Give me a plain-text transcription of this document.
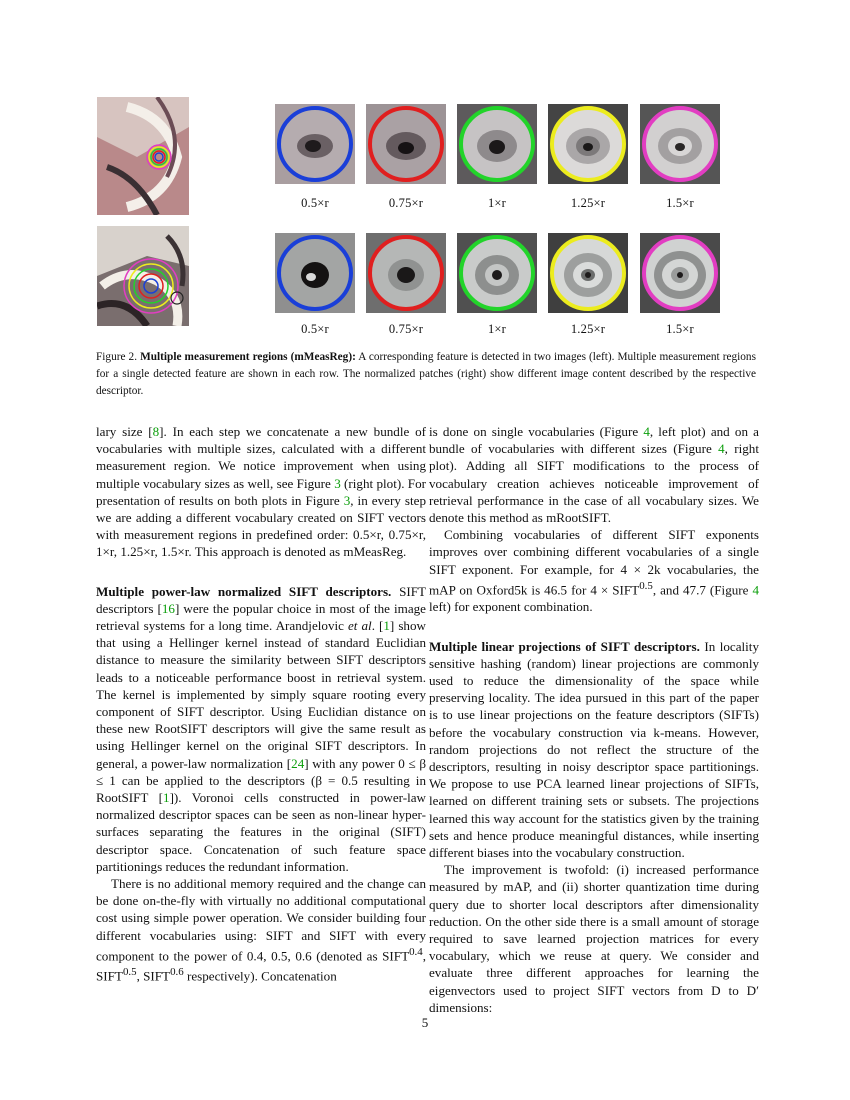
0.5×r	0.75×r	1×r	1.25×r	1.5×r
0.5×r	0.75×r	1×r	1.25×r	1.5×r
Figure 2. Multiple measurement regions (mMeasReg): A corresponding feature is detected in two images (left). Multiple measurement regions for a single detected feature are shown in each row. The normalized patches (right) show different image content described by the respective descriptor.

lary size [8]. In each step we concatenate a new bundle of vocabularies with multiple sizes, calculated with a different measurement region. We notice improvement when using multiple vocabulary sizes as well, see Figure 3 (right plot). For presentation of results on both plots in Figure 3, in every step we are adding a different vocabulary created on SIFT vectors with measurement regions in predefined order: 0.5×r, 0.75×r, 1×r, 1.25×r, 1.5×r. This approach is denoted as mMeasReg.

Multiple power-law normalized SIFT descriptors. SIFT descriptors [16] were the popular choice in most of the image retrieval systems for a long time. Arandjelovic et al. [1] show that using a Hellinger kernel instead of standard Euclidian distance to measure the similarity between SIFT descriptors leads to a noticeable performance boost in retrieval system. The kernel is implemented by simply square rooting every component of SIFT descriptor. Using Euclidian distance on these new RootSIFT descriptors will give the same result as using Hellinger kernel on the original SIFT descriptors. In general, a power-law normalization [24] with any power 0 ≤ β ≤ 1 can be applied to the descriptors (β = 0.5 resulting in RootSIFT [1]). Voronoi cells constructed in power-law normalized descriptor spaces can be seen as non-linear hyper-surfaces separating the features in the original (SIFT) descriptor space. Concatenation of such feature space partitionings reduces the redundant information.

There is no additional memory required and the change can be done on-the-fly with virtually no additional computational cost using simple power operation. We consider building four different vocabularies using: SIFT and SIFT with every component to the power of 0.4, 0.5, 0.6 (denoted as $SIFT^{0.4}$, $SIFT^{0.5}$, $SIFT^{0.6}$ respectively). Concatenation

is done on single vocabularies (Figure 4, left plot) and on a bundle of vocabularies with different sizes (Figure 4, right plot). Adding all SIFT modifications to the process of vocabulary creation achieves noticeable improvement of retrieval performance in the case of all vocabulary sizes. We denote this method as mRootSIFT.

Combining vocabularies of different SIFT exponents improves over combining different vocabularies of a single SIFT exponent. For example, for 4 × 2k vocabularies, the mAP on Oxford5k is 46.5 for $4 \times SIFT^{0.5}$, and 47.7 (Figure 4 left) for exponent combination.

Multiple linear projections of SIFT descriptors. In locality sensitive hashing (random) linear projections are commonly used to reduce the dimensionality of the space while preserving locality. The idea pursued in this part of the paper is to use linear projections on the feature descriptors (SIFTs) before the vocabulary construction via k-means. However, random projections do not reflect the structure of the descriptors, resulting in noisy descriptor space partitionings. We propose to use PCA learned linear projections of SIFTs, learned on different training sets or subsets. The projections learned this way account for the statistics given by the training sets and hence produce meaningful distances, while inserting different biases into the vocabulary construction.

The improvement is twofold: (i) increased performance measured by mAP, and (ii) shorter quantization time during query due to shorter local descriptors after dimensionality reduction. On the other side there is a small amount of storage required to save learned projection matrices for every vocabulary, which we reuse at query. We consider and evaluate three different approaches for learning the eigenvectors used to project SIFT vectors from D to D′ dimensions:

5
